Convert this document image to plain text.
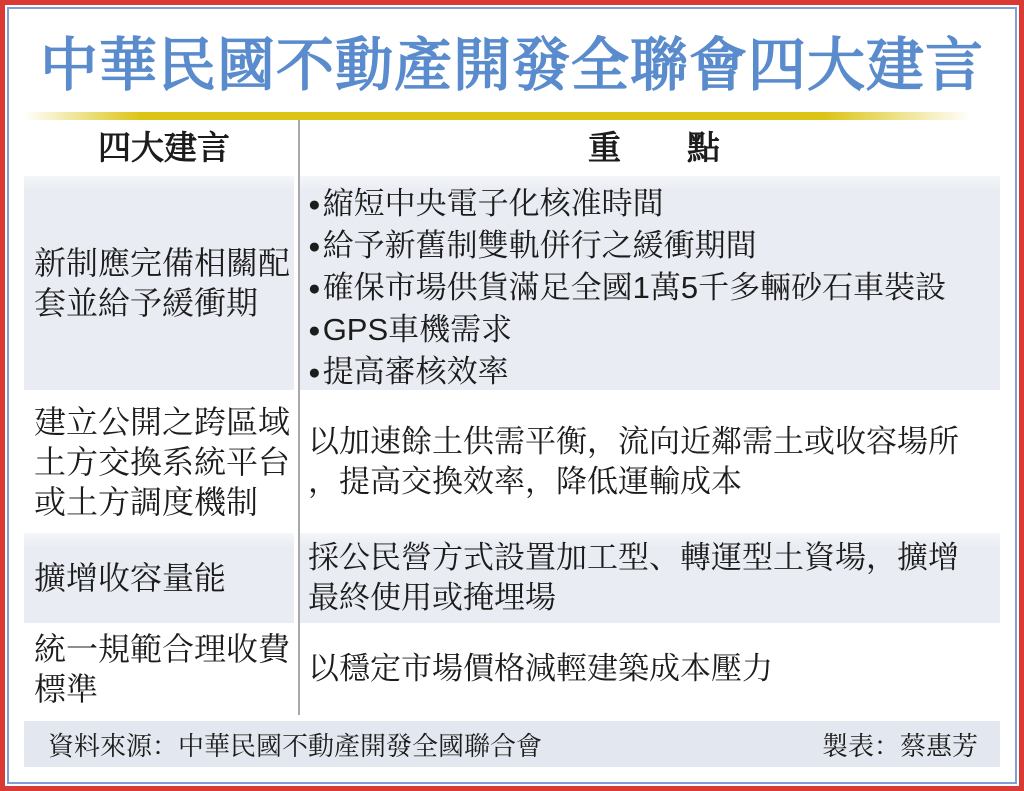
中華民國不動產開發全聯會四大建言
四大建言	重　　點
新制應完備相關配
套並給予緩衝期
●縮短中央電子化核准時間
●給予新舊制雙軌併行之緩衝期間
●確保市場供貨滿足全國1萬5千多輛砂石車裝設
●GPS車機需求
●提高審核效率
建立公開之跨區域
土方交換系統平台
或土方調度機制
以加速餘土供需平衡，流向近鄰需土或收容場所
，提高交換效率，降低運輸成本
擴增收容量能
採公民營方式設置加工型、轉運型土資場，擴增
最終使用或掩埋場
統一規範合理收費
標準
以穩定市場價格減輕建築成本壓力
資料來源：中華民國不動產開發全國聯合會	製表：蔡惠芳
